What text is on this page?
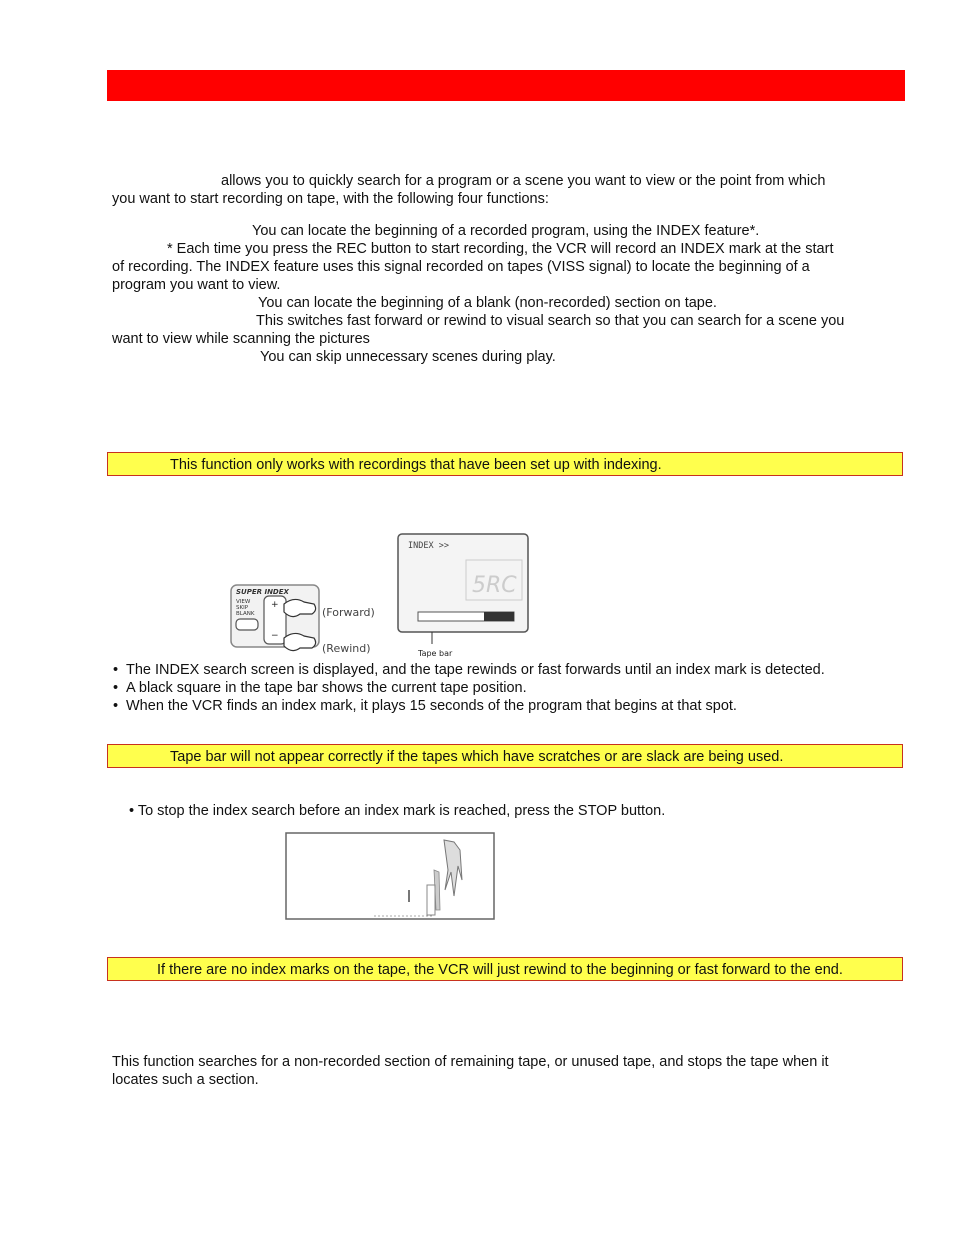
allows you to quickly search for a program or a scene you want to view or the point from which
you want to start recording on tape, with the following four functions:
You can locate the beginning of a recorded program, using the INDEX feature*.
* Each time you press the REC button to start recording, the VCR will record an INDEX mark at the start
of recording. The INDEX feature uses this signal recorded on tapes (VISS signal) to locate the beginning of a
program you want to view.
You can locate the beginning of a blank (non-recorded) section on tape.
This switches fast forward or rewind to visual search so that you can search for a scene you
want to view while scanning the pictures
You can skip unnecessary scenes during play.
This function only works with recordings that have been set up with indexing.
SUPER INDEX
VIEW
SKIP
BLANK
+
−
(Forward)
(Rewind)
INDEX >>
5RC
Tape bar
• The INDEX search screen is displayed, and the tape rewinds or fast forwards until an index mark is detected.
• A black square in the tape bar shows the current tape position.
• When the VCR finds an index mark, it plays 15 seconds of the program that begins at that spot.
Tape bar will not appear correctly if the tapes which have scratches or are slack are being used.
• To stop the index search before an index mark is reached, press the STOP button.
If there are no index marks on the tape, the VCR will just rewind to the beginning or fast forward to the end.
This function searches for a non-recorded section of remaining tape, or unused tape, and stops the tape when it
locates such a section.
